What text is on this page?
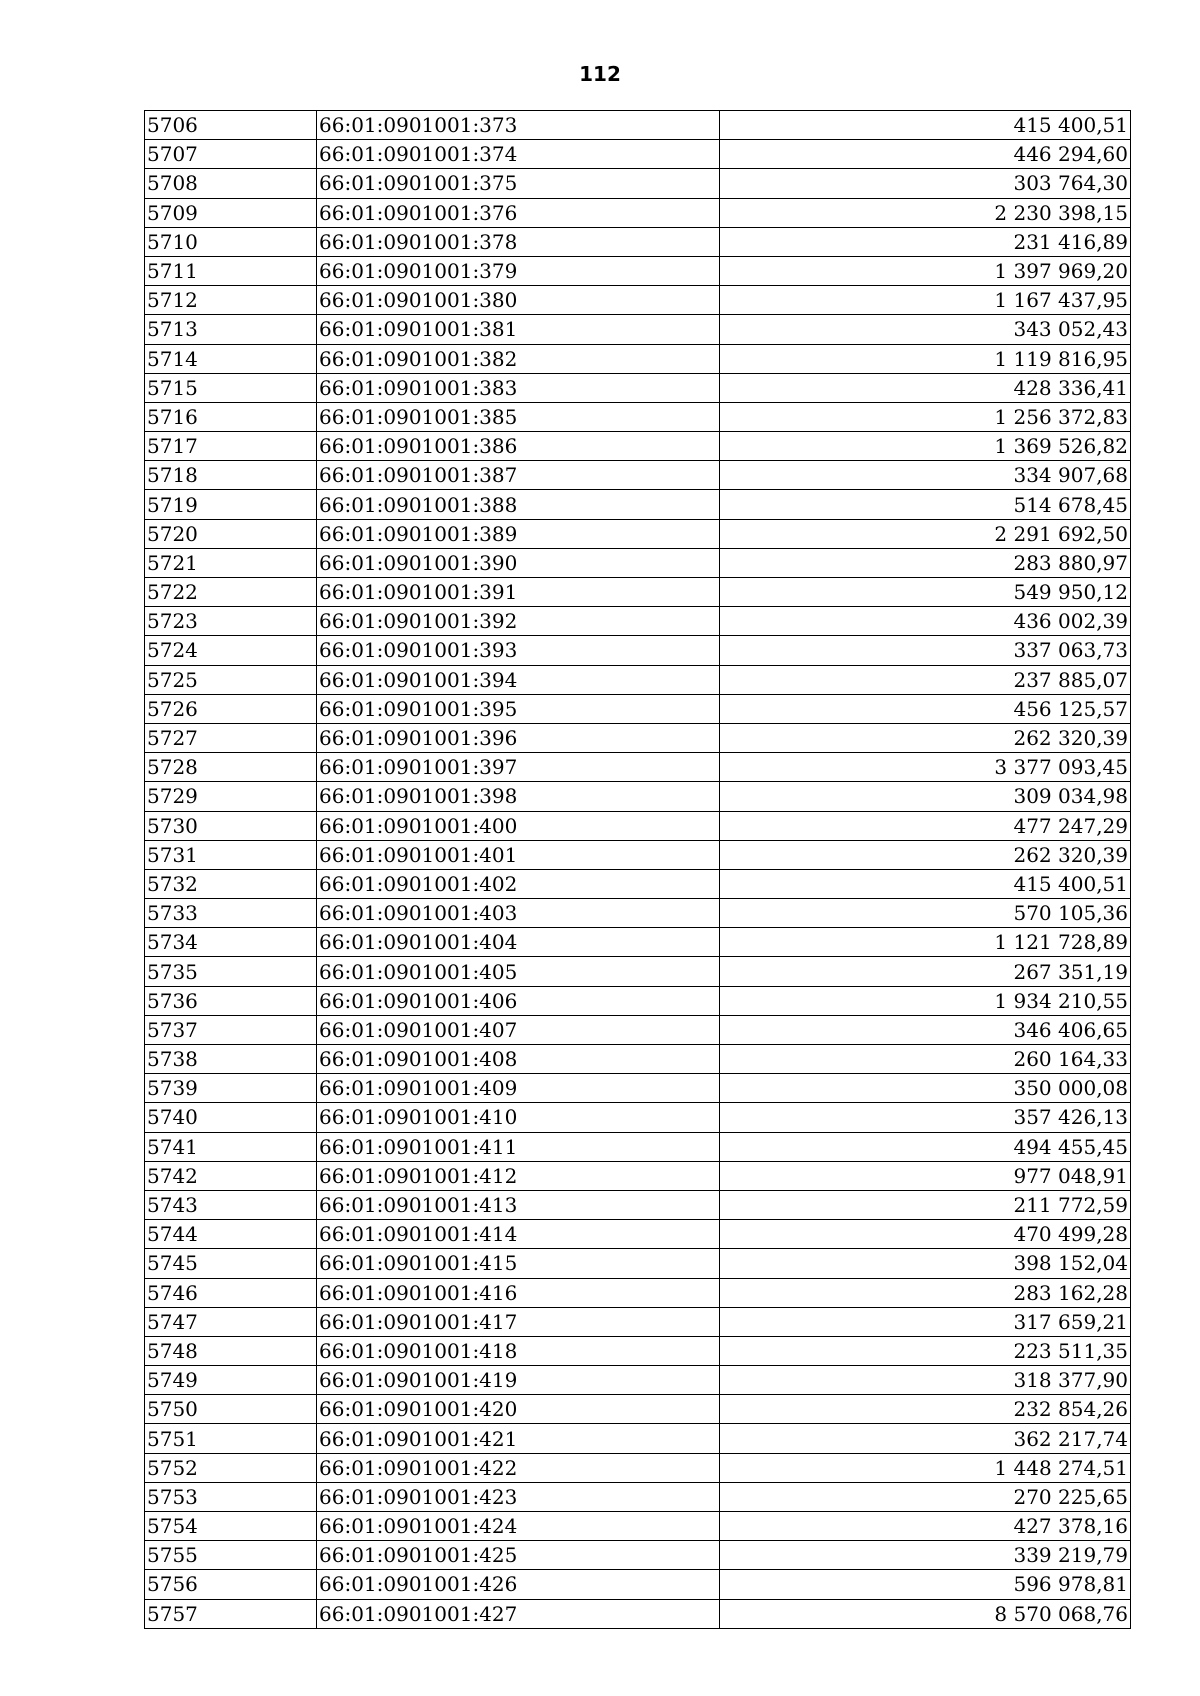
112
5706	66:01:0901001:373	415 400,51
5707	66:01:0901001:374	446 294,60
5708	66:01:0901001:375	303 764,30
5709	66:01:0901001:376	2 230 398,15
5710	66:01:0901001:378	231 416,89
5711	66:01:0901001:379	1 397 969,20
5712	66:01:0901001:380	1 167 437,95
5713	66:01:0901001:381	343 052,43
5714	66:01:0901001:382	1 119 816,95
5715	66:01:0901001:383	428 336,41
5716	66:01:0901001:385	1 256 372,83
5717	66:01:0901001:386	1 369 526,82
5718	66:01:0901001:387	334 907,68
5719	66:01:0901001:388	514 678,45
5720	66:01:0901001:389	2 291 692,50
5721	66:01:0901001:390	283 880,97
5722	66:01:0901001:391	549 950,12
5723	66:01:0901001:392	436 002,39
5724	66:01:0901001:393	337 063,73
5725	66:01:0901001:394	237 885,07
5726	66:01:0901001:395	456 125,57
5727	66:01:0901001:396	262 320,39
5728	66:01:0901001:397	3 377 093,45
5729	66:01:0901001:398	309 034,98
5730	66:01:0901001:400	477 247,29
5731	66:01:0901001:401	262 320,39
5732	66:01:0901001:402	415 400,51
5733	66:01:0901001:403	570 105,36
5734	66:01:0901001:404	1 121 728,89
5735	66:01:0901001:405	267 351,19
5736	66:01:0901001:406	1 934 210,55
5737	66:01:0901001:407	346 406,65
5738	66:01:0901001:408	260 164,33
5739	66:01:0901001:409	350 000,08
5740	66:01:0901001:410	357 426,13
5741	66:01:0901001:411	494 455,45
5742	66:01:0901001:412	977 048,91
5743	66:01:0901001:413	211 772,59
5744	66:01:0901001:414	470 499,28
5745	66:01:0901001:415	398 152,04
5746	66:01:0901001:416	283 162,28
5747	66:01:0901001:417	317 659,21
5748	66:01:0901001:418	223 511,35
5749	66:01:0901001:419	318 377,90
5750	66:01:0901001:420	232 854,26
5751	66:01:0901001:421	362 217,74
5752	66:01:0901001:422	1 448 274,51
5753	66:01:0901001:423	270 225,65
5754	66:01:0901001:424	427 378,16
5755	66:01:0901001:425	339 219,79
5756	66:01:0901001:426	596 978,81
5757	66:01:0901001:427	8 570 068,76
